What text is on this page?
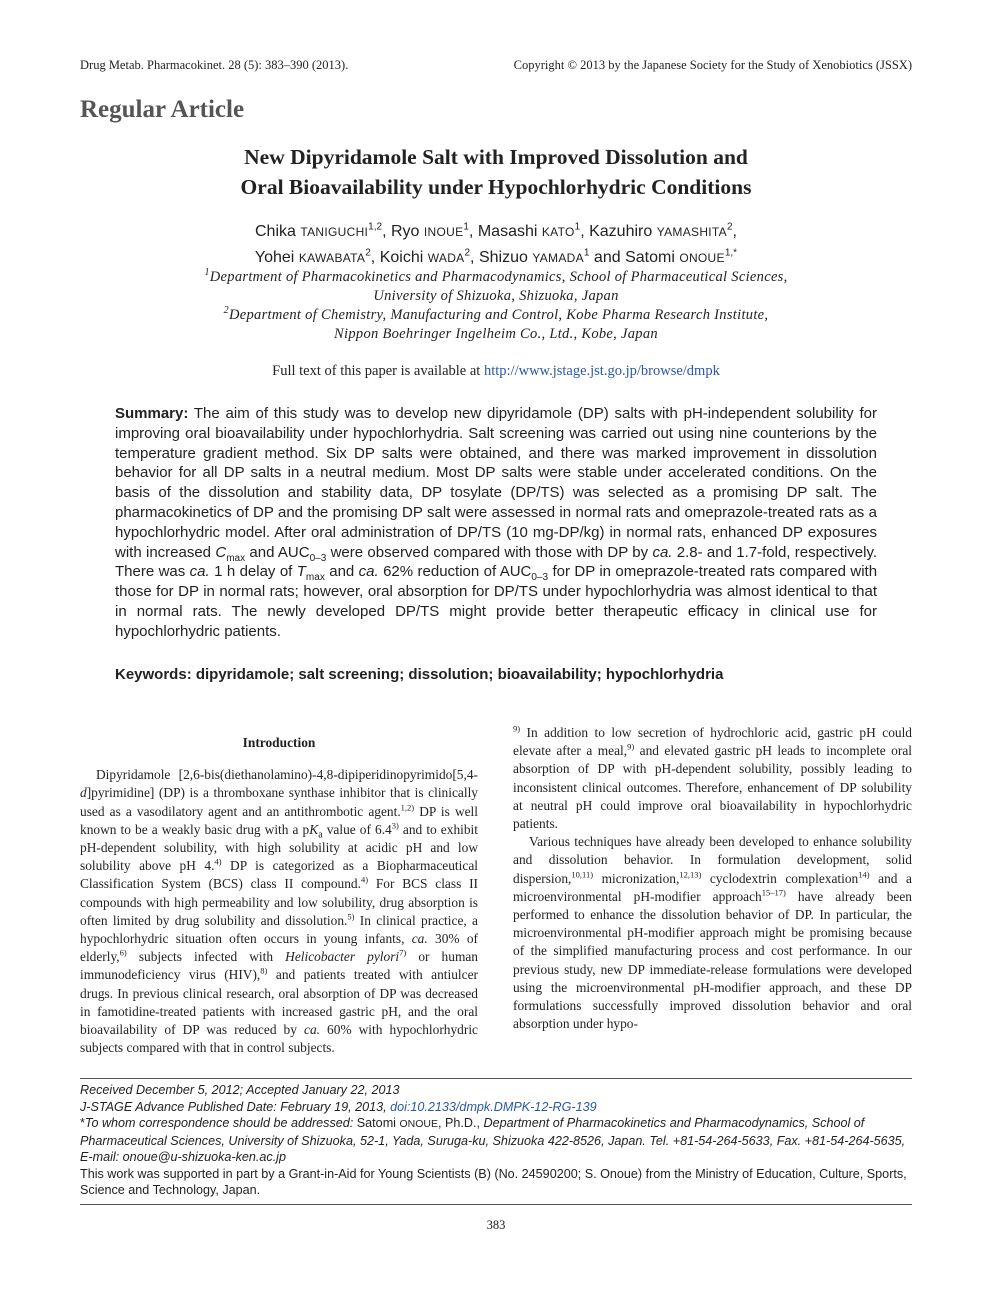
Drug Metab. Pharmacokinet. 28 (5): 383–390 (2013).	Copyright © 2013 by the Japanese Society for the Study of Xenobiotics (JSSX)
Regular Article
New Dipyridamole Salt with Improved Dissolution and
Oral Bioavailability under Hypochlorhydric Conditions
Chika TANIGUCHI$^{1,2}$, Ryo INOUE$^1$, Masashi KATO$^1$, Kazuhiro YAMASHITA$^2$,
Yohei KAWABATA$^2$, Koichi WADA$^2$, Shizuo YAMADA$^1$ and Satomi $ONOUE^{1,*}$
$^1$Department of Pharmacokinetics and Pharmacodynamics, School of Pharmaceutical Sciences,
University of Shizuoka, Shizuoka, Japan
$^2$Department of Chemistry, Manufacturing and Control, Kobe Pharma Research Institute,
Nippon Boehringer Ingelheim Co., Ltd., Kobe, Japan
Full text of this paper is available at http://www.jstage.jst.go.jp/browse/dmpk
Summary: The aim of this study was to develop new dipyridamole (DP) salts with pH-independent solubility for improving oral bioavailability under hypochlorhydria. Salt screening was carried out using nine counterions by the temperature gradient method. Six DP salts were obtained, and there was marked improvement in dissolution behavior for all DP salts in a neutral medium. Most DP salts were stable under accelerated conditions. On the basis of the dissolution and stability data, DP tosylate (DP/TS) was selected as a promising DP salt. The pharmacokinetics of DP and the promising DP salt were assessed in normal rats and omeprazole-treated rats as a hypochlorhydric model. After oral administration of DP/TS (10 mg-DP/kg) in normal rats, enhanced DP exposures with increased $C_{max}$ and $AUC_{0-3}$ were observed compared with those with DP by ca. 2.8- and 1.7-fold, respectively. There was ca. 1 h delay of $T_{max}$ and ca. 62% reduction of $AUC_{0-3}$ for DP in omeprazole-treated rats compared with those for DP in normal rats; however, oral absorption for DP/TS under hypochlorhydria was almost identical to that in normal rats. The newly developed DP/TS might provide better therapeutic efficacy in clinical use for hypochlorhydric patients.
Keywords: dipyridamole; salt screening; dissolution; bioavailability; hypochlorhydria
Introduction

Dipyridamole [2,6-bis(diethanolamino)-4,8-dipiperidinopyrimido[5,4-d]pyrimidine] (DP) is a thromboxane synthase inhibitor that is clinically used as a vasodilatory agent and an antithrombotic agent.$^{1,2)}$ DP is well known to be a weakly basic drug with a $pK_a$ value of 6.4$^{3)}$ and to exhibit pH-dependent solubility, with high solubility at acidic pH and low solubility above pH 4.$^{4)}$ DP is categorized as a Biopharmaceutical Classification System (BCS) class II compound.$^{4)}$ For BCS class II compounds with high permeability and low solubility, drug absorption is often limited by drug solubility and dissolution.$^{5)}$ In clinical practice, a hypochlorhydric situation often occurs in young infants, ca. 30% of elderly,$^{6)}$ subjects infected with Helicobacter pylori$^{7)}$ or human immunodeficiency virus (HIV),$^{8)}$ and patients treated with antiulcer drugs. In previous clinical research, oral absorption of DP was decreased in famotidine-treated patients with increased gastric pH, and the oral bioavailability of DP was reduced by ca. 60% with hypochlorhydric subjects compared with that in control subjects.

$^{9)}$ In addition to low secretion of hydrochloric acid, gastric pH could elevate after a meal,$^{9)}$ and elevated gastric pH leads to incomplete oral absorption of DP with pH-dependent solubility, possibly leading to inconsistent clinical outcomes. Therefore, enhancement of DP solubility at neutral pH could improve oral bioavailability in hypochlorhydric patients.

Various techniques have already been developed to enhance solubility and dissolution behavior. In formulation development, solid dispersion,$^{10,11)}$ micronization,$^{12,13)}$ cyclodextrin complexation$^{14)}$ and a microenvironmental pH-modifier approach$^{15-17)}$ have already been performed to enhance the dissolution behavior of DP. In particular, the microenvironmental pH-modifier approach might be promising because of the simplified manufacturing process and cost performance. In our previous study, new DP immediate-release formulations were developed using the microenvironmental pH-modifier approach, and these DP formulations successfully improved dissolution behavior and oral absorption under hypo-

Received December 5, 2012; Accepted January 22, 2013

J-STAGE Advance Published Date: February 19, 2013, doi:10.2133/dmpk.DMPK-12-RG-139

*To whom correspondence should be addressed: Satomi ONOUE, Ph.D., Department of Pharmacokinetics and Pharmacodynamics, School of Pharmaceutical Sciences, University of Shizuoka, 52-1, Yada, Suruga-ku, Shizuoka 422-8526, Japan. Tel. +81-54-264-5633, Fax. +81-54-264-5635, E-mail: onoue@u-shizuoka-ken.ac.jp

This work was supported in part by a Grant-in-Aid for Young Scientists (B) (No. 24590200; S. Onoue) from the Ministry of Education, Culture, Sports, Science and Technology, Japan.

383
